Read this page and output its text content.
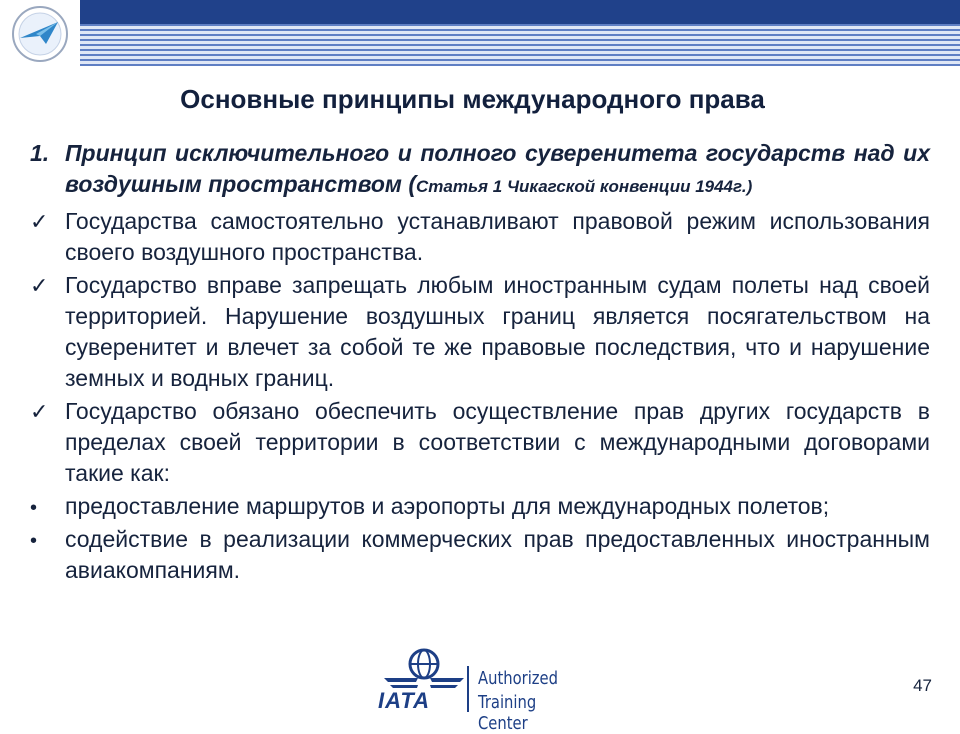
Основные принципы международного права
1. Принцип исключительного и полного суверенитета государств над их воздушным пространством (Статья 1 Чикагской конвенции 1944г.)
✓ Государства самостоятельно устанавливают правовой режим использования своего воздушного пространства.
✓ Государство вправе запрещать любым иностранным судам полеты над своей территорией. Нарушение воздушных границ является посягательством на суверенитет и влечет за собой те же правовые последствия, что и нарушение земных и водных границ.
✓ Государство обязано обеспечить осуществление прав других государств в пределах своей территории в соответствии с международными договорами такие как:
•	предоставление маршрутов и аэропорты для международных полетов;
•	содействие в реализации коммерческих прав предоставленных иностранным авиакомпаниям.
IATA
Authorized
Training Center
47
